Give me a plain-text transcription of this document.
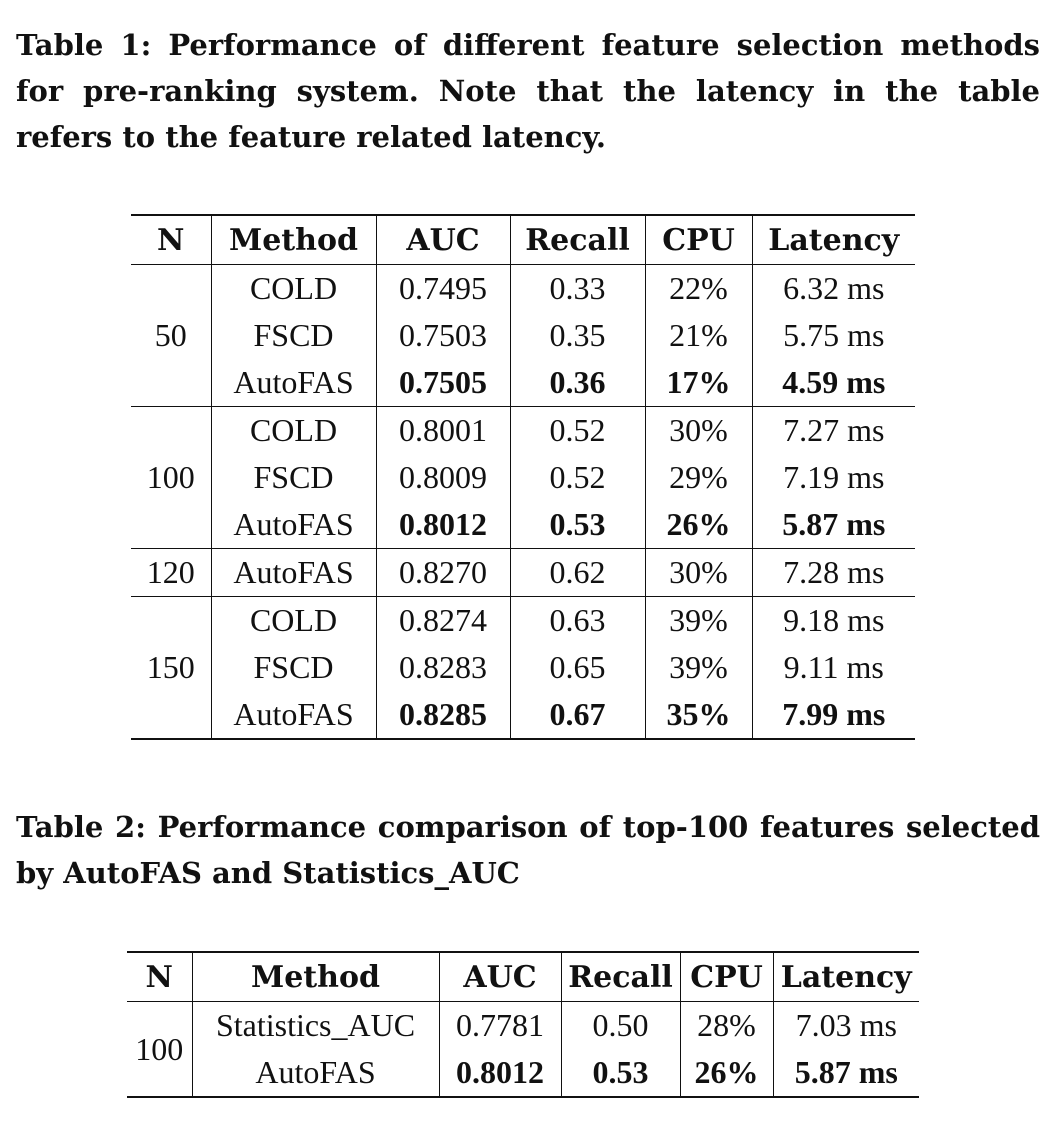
Table 1: Performance of different feature selection methods for pre-ranking system. Note that the latency in the table refers to the feature related latency.

N	Method	AUC	Recall	CPU	Latency
50	COLD	0.7495	0.33	22%	6.32 ms
	FSCD	0.7503	0.35	21%	5.75 ms
	AutoFAS	0.7505	0.36	17%	4.59 ms
100	COLD	0.8001	0.52	30%	7.27 ms
	FSCD	0.8009	0.52	29%	7.19 ms
	AutoFAS	0.8012	0.53	26%	5.87 ms
120	AutoFAS	0.8270	0.62	30%	7.28 ms
150	COLD	0.8274	0.63	39%	9.18 ms
	FSCD	0.8283	0.65	39%	9.11 ms
	AutoFAS	0.8285	0.67	35%	7.99 ms

Table 2: Performance comparison of top-100 features selected by AutoFAS and Statistics_AUC

N	Method	AUC	Recall	CPU	Latency
100	Statistics_AUC	0.7781	0.50	28%	7.03 ms
	AutoFAS	0.8012	0.53	26%	5.87 ms
